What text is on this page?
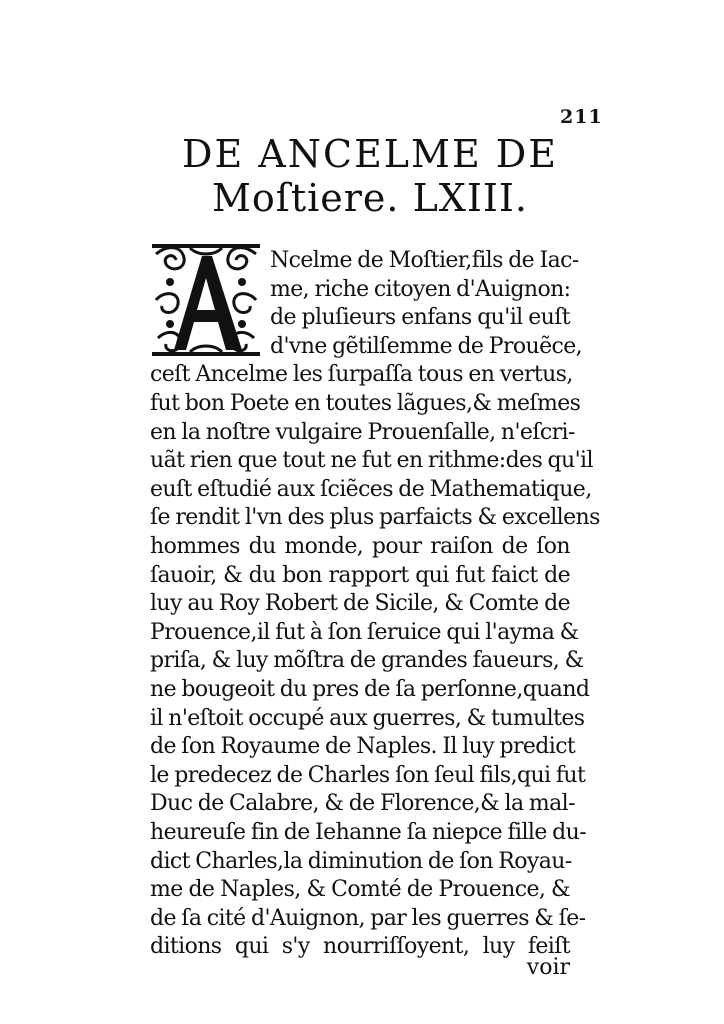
211
DE ANCELME DE
Moſtiere. LXIII.
Ncelme de Moſtier,fils de Iac-
me, riche citoyen d'Auignon:
de pluſieurs enfans qu'il euſt
d'vne gẽtilſemme de Prouẽce,
ceſt Ancelme les ſurpaſſa tous en vertus,
fut bon Poete en toutes lãgues,& meſmes
en la noſtre vulgaire Prouenſalle, n'eſcri-
uãt rien que tout ne fut en rithme:des qu'il
euſt eſtudié aux ſciẽces de Mathematique,
ſe rendit l'vn des plus parfaicts & excellens
hommes du monde, pour raiſon de ſon
ſauoir, & du bon rapport qui fut faict de
luy au Roy Robert de Sicile, & Comte de
Prouence,il fut à ſon ſeruice qui l'ayma &
priſa, & luy mõſtra de grandes faueurs, &
ne bougeoit du pres de ſa perſonne,quand
il n'eſtoit occupé aux guerres, & tumultes
de ſon Royaume de Naples. Il luy predict
le predecez de Charles ſon ſeul fils,qui fut
Duc de Calabre, & de Florence,& la mal-
heureuſe fin de Iehanne ſa niepce fille du-
dict Charles,la diminution de ſon Royau-
me de Naples, & Comté de Prouence, &
de ſa cité d'Auignon, par les guerres & ſe-
ditions qui s'y nourriſſoyent, luy feiſt
voir
